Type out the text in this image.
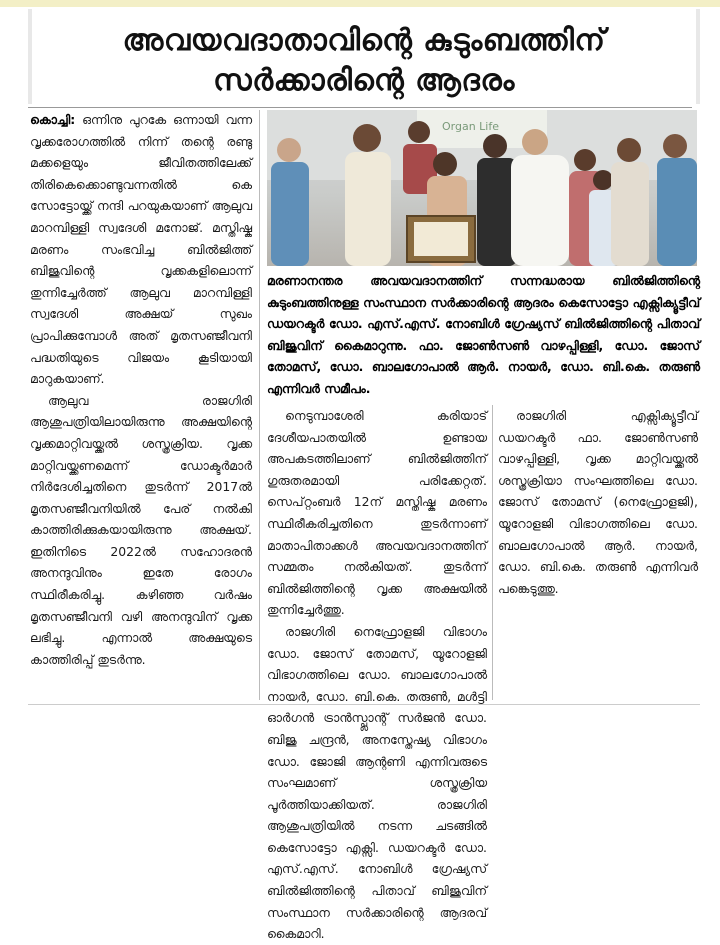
അവയവദാതാവിന്റെ കുടുംബത്തിന്
സർക്കാരിന്റെ ആദരം

കൊച്ചി: ഒന്നിനു പുറകേ ഒന്നായി വന്ന വൃക്കരോഗത്തിൽ നിന്ന് തന്റെ രണ്ടു മക്കളെയും ജീവിതത്തിലേക്ക് തിരികെക്കൊണ്ടുവന്നതിൽ കെ സോട്ടോയ്ക്ക് നന്ദി പറയുകയാണ് ആലുവ മാറമ്പിള്ളി സ്വദേശി മനോജ്. മസ്തിഷ്ക മരണം സംഭവിച്ച ബിൽജിത്ത് ബിജുവിന്റെ വൃക്കകളിലൊന്ന് തുന്നിച്ചേർത്ത് ആലുവ മാറമ്പിള്ളി സ്വദേശി അക്ഷയ് സുഖം പ്രാപിക്കുമ്പോൾ അത് മൃതസഞ്ജീവനി പദ്ധതിയുടെ വിജയം കൂടിയായി മാറുകയാണ്.

ആലുവ രാജഗിരി ആശുപത്രിയിലായിരുന്നു അക്ഷയിന്റെ വൃക്കമാറ്റിവയ്ക്കൽ ശസ്ത്രക്രിയ. വൃക്ക മാറ്റിവയ്ക്കണമെന്ന് ഡോക്ടർമാർ നിർദേശിച്ചതിനെ തുടർന്ന് 2017ൽ മൃതസഞ്ജീവനിയിൽ പേര് നൽകി കാത്തിരിക്കുകയായിരുന്നു അക്ഷയ്. ഇതിനിടെ 2022ൽ സഹോദരൻ അനന്ദുവിനും ഇതേ രോഗം സ്ഥിരീകരിച്ചു. കഴിഞ്ഞ വർഷം മൃതസഞ്ജീവനി വഴി അനന്ദുവിന് വൃക്ക ലഭിച്ചു. എന്നാൽ അക്ഷയുടെ കാത്തിരിപ്പ് തുടർന്നു.

Organ Life
മരണാനന്തര അവയവദാനത്തിന് സന്നദ്ധരായ ബിൽജിത്തിന്റെ കുടുംബത്തിനുള്ള സംസ്ഥാന സർക്കാരിന്റെ ആദരം കെസോട്ടോ എക്സിക്യൂട്ടീവ് ഡയറക്ടർ ഡോ. എസ്.എസ്. നോബിൾ ഗ്രേഷ്യസ് ബിൽജിത്തിന്റെ പിതാവ് ബിജുവിന് കൈമാറുന്നു. ഫാ. ജോൺസൺ വാഴപ്പിള്ളി, ഡോ. ജോസ് തോമസ്, ഡോ. ബാലഗോപാൽ ആർ. നായർ, ഡോ. ബി.കെ. തരുൺ എന്നിവർ സമീപം.

നെടുമ്പാശേരി കരിയാട് ദേശീയപാതയിൽ ഉണ്ടായ അപകടത്തിലാണ് ബിൽജിത്തിന് ഗുരുതരമായി പരിക്കേറ്റത്. സെപ്റ്റംബർ 12ന് മസ്തിഷ്ക മരണം സ്ഥിരീകരിച്ചതിനെ തുടർന്നാണ് മാതാപിതാക്കൾ അവയവദാനത്തിന് സമ്മതം നൽകിയത്. തുടർന്ന് ബിൽജിത്തിന്റെ വൃക്ക അക്ഷയിൽ തുന്നിച്ചേർത്തു.

രാജഗിരി നെഫ്രോളജി വിഭാഗം ഡോ. ജോസ് തോമസ്, യൂറോളജി വിഭാഗത്തിലെ ഡോ. ബാലഗോപാൽ നായർ, ഡോ. ബി.കെ. തരുൺ, മൾട്ടി ഓർഗൻ ട്രാൻസ്പ്ലാന്റ് സർജൻ ഡോ. ബിജു ചന്ദ്രൻ, അനസ്തേഷ്യ വിഭാഗം ഡോ. ജോജി ആന്റണി എന്നിവരുടെ സംഘമാണ് ശസ്ത്രക്രിയ പൂർത്തിയാക്കിയത്. രാജഗിരി ആശുപത്രിയിൽ നടന്ന ചടങ്ങിൽ കെസോട്ടോ എക്സി. ഡയറക്ടർ ഡോ. എസ്.എസ്. നോബിൾ ഗ്രേഷ്യസ് ബിൽജിത്തിന്റെ പിതാവ് ബിജുവിന് സംസ്ഥാന സർക്കാരിന്റെ ആദരവ് കൈമാറി.

രാജഗിരി എക്സിക്യൂട്ടീവ് ഡയറക്ടർ ഫാ. ജോൺസൺ വാഴപ്പിള്ളി, വൃക്ക മാറ്റിവയ്ക്കൽ ശസ്ത്രക്രിയാ സംഘത്തിലെ ഡോ. ജോസ് തോമസ് (നെഫ്രോളജി), യൂറോളജി വിഭാഗത്തിലെ ഡോ. ബാലഗോപാൽ ആർ. നായർ, ഡോ. ബി.കെ. തരുൺ എന്നിവർ പങ്കെടുത്തു.
